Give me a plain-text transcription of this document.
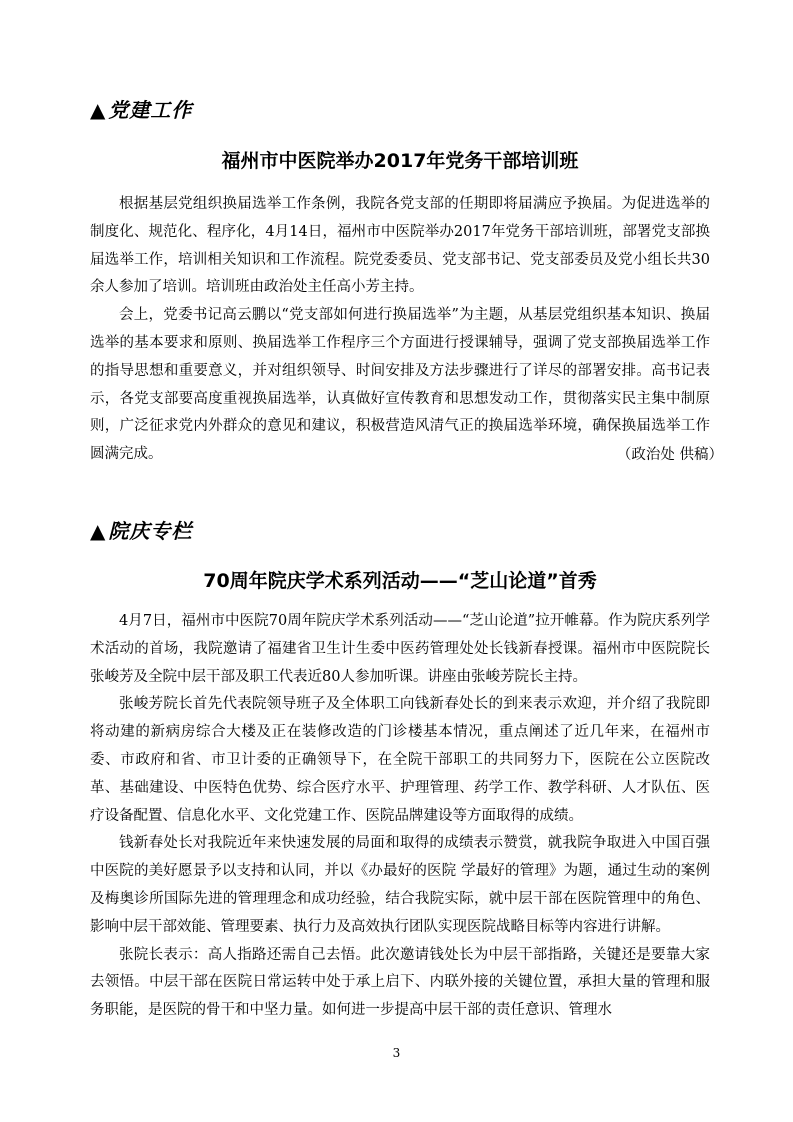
▲ 党建工作
福州市中医院举办2017年党务干部培训班

根据基层党组织换届选举工作条例，我院各党支部的任期即将届满应予换届。为促进选举的制度化、规范化、程序化，4月14日，福州市中医院举办2017年党务干部培训班，部署党支部换届选举工作，培训相关知识和工作流程。院党委委员、党支部书记、党支部委员及党小组长共30余人参加了培训。培训班由政治处主任高小芳主持。

会上，党委书记高云鹏以“党支部如何进行换届选举”为主题，从基层党组织基本知识、换届选举的基本要求和原则、换届选举工作程序三个方面进行授课辅导，强调了党支部换届选举工作的指导思想和重要意义，并对组织领导、时间安排及方法步骤进行了详尽的部署安排。高书记表示，各党支部要高度重视换届选举，认真做好宣传教育和思想发动工作，贯彻落实民主集中制原则，广泛征求党内外群众的意见和建议，积极营造风清气正的换届选举环境，确保换届选举工作圆满完成。	（政治处 供稿）
▲ 院庆专栏
70周年院庆学术系列活动——“芝山论道”首秀

4月7日，福州市中医院70周年院庆学术系列活动——“芝山论道”拉开帷幕。作为院庆系列学术活动的首场，我院邀请了福建省卫生计生委中医药管理处处长钱新春授课。福州市中医院院长张峻芳及全院中层干部及职工代表近80人参加听课。讲座由张峻芳院长主持。

张峻芳院长首先代表院领导班子及全体职工向钱新春处长的到来表示欢迎，并介绍了我院即将动建的新病房综合大楼及正在装修改造的门诊楼基本情况，重点阐述了近几年来，在福州市委、市政府和省、市卫计委的正确领导下，在全院干部职工的共同努力下，医院在公立医院改革、基础建设、中医特色优势、综合医疗水平、护理管理、药学工作、教学科研、人才队伍、医疗设备配置、信息化水平、文化党建工作、医院品牌建设等方面取得的成绩。

钱新春处长对我院近年来快速发展的局面和取得的成绩表示赞赏，就我院争取进入中国百强中医院的美好愿景予以支持和认同，并以《办最好的医院 学最好的管理》为题，通过生动的案例及梅奥诊所国际先进的管理理念和成功经验，结合我院实际，就中层干部在医院管理中的角色、影响中层干部效能、管理要素、执行力及高效执行团队实现医院战略目标等内容进行讲解。

张院长表示：高人指路还需自己去悟。此次邀请钱处长为中层干部指路，关键还是要靠大家去领悟。中层干部在医院日常运转中处于承上启下、内联外接的关键位置，承担大量的管理和服务职能，是医院的骨干和中坚力量。如何进一步提高中层干部的责任意识、管理水

3
